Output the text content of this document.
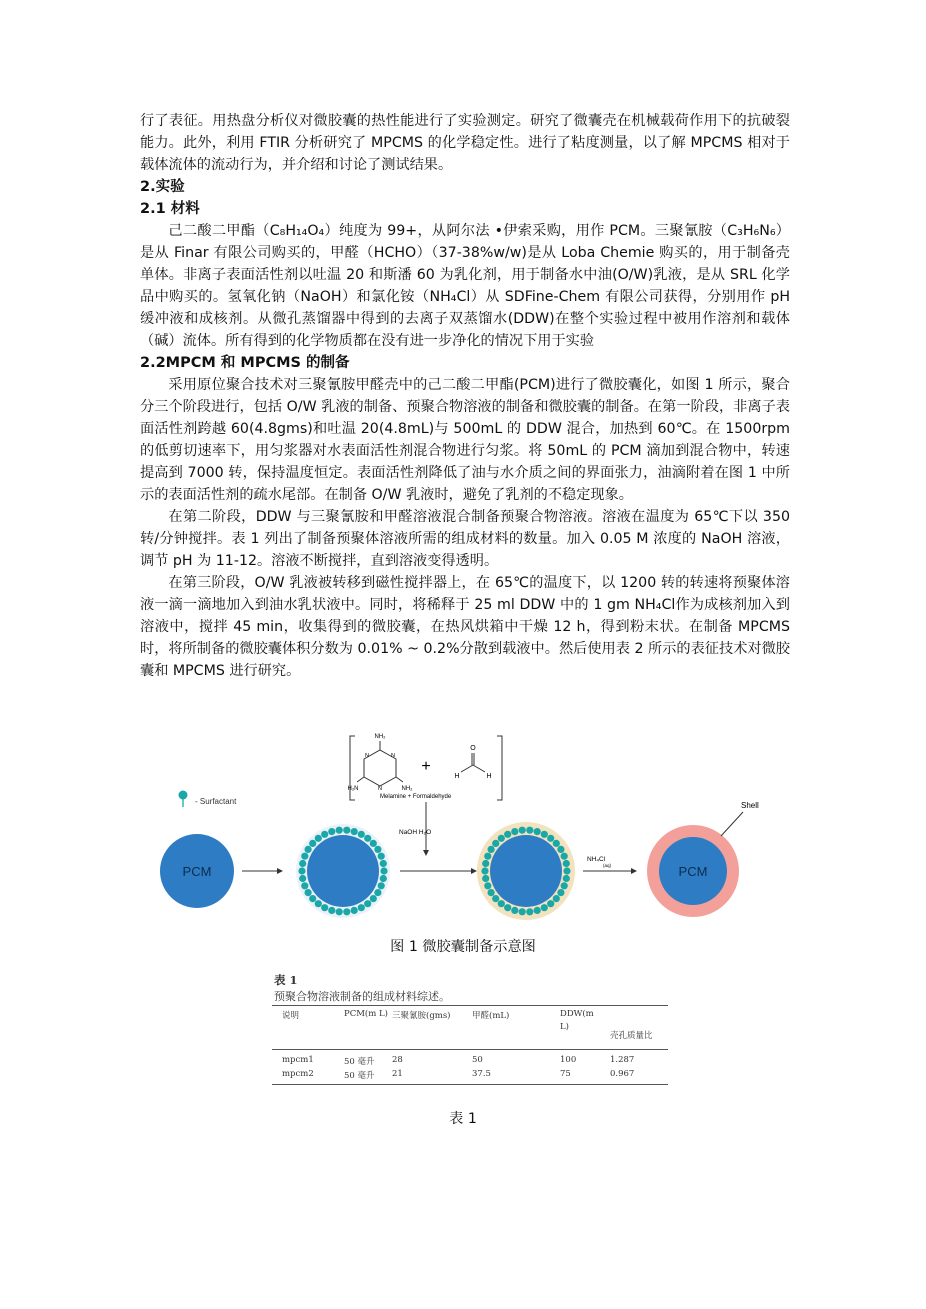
行了表征。用热盘分析仪对微胶囊的热性能进行了实验测定。研究了微囊壳在机械载荷作用下的抗破裂能力。此外，利用 FTIR 分析研究了 MPCMS 的化学稳定性。进行了粘度测量，以了解 MPCMS 相对于载体流体的流动行为，并介绍和讨论了测试结果。

2.实验
2.1 材料

己二酸二甲酯（C₈H₁₄O₄）纯度为 99+，从阿尔法 •伊索采购，用作 PCM。三聚氰胺（C₃H₆N₆）是从 Finar 有限公司购买的，甲醛（HCHO）（37-38%w/w)是从 Loba Chemie 购买的，用于制备壳单体。非离子表面活性剂以吐温 20 和斯潘 60 为乳化剂，用于制备水中油(O/W)乳液，是从 SRL 化学品中购买的。氢氧化钠（NaOH）和氯化铵（NH₄Cl）从 SDFine-Chem 有限公司获得，分别用作 pH 缓冲液和成核剂。从微孔蒸馏器中得到的去离子双蒸馏水(DDW)在整个实验过程中被用作溶剂和载体（碱）流体。所有得到的化学物质都在没有进一步净化的情况下用于实验

2.2MPCM 和 MPCMS 的制备

采用原位聚合技术对三聚氰胺甲醛壳中的己二酸二甲酯(PCM)进行了微胶囊化，如图 1 所示，聚合分三个阶段进行，包括 O/W 乳液的制备、预聚合物溶液的制备和微胶囊的制备。在第一阶段，非离子表面活性剂跨越 60(4.8gms)和吐温 20(4.8mL)与 500mL 的 DDW 混合，加热到 60℃。在 1500rpm 的低剪切速率下，用匀浆器对水表面活性剂混合物进行匀浆。将 50mL 的 PCM 滴加到混合物中，转速提高到 7000 转，保持温度恒定。表面活性剂降低了油与水介质之间的界面张力，油滴附着在图 1 中所示的表面活性剂的疏水尾部。在制备 O/W 乳液时，避免了乳剂的不稳定现象。

在第二阶段，DDW 与三聚氰胺和甲醛溶液混合制备预聚合物溶液。溶液在温度为 65℃下以 350 转/分钟搅拌。表 1 列出了制备预聚体溶液所需的组成材料的数量。加入 0.05 M 浓度的 NaOH 溶液，调节 pH 为 11-12。溶液不断搅拌，直到溶液变得透明。

在第三阶段，O/W 乳液被转移到磁性搅拌器上，在 65℃的温度下，以 1200 转的转速将预聚体溶液一滴一滴地加入到油水乳状液中。同时，将稀释于 25 ml DDW 中的 1 gm NH₄Cl作为成核剂加入到溶液中，搅拌 45 min，收集得到的微胶囊，在热风烘箱中干燥 12 h，得到粉末状。在制备 MPCMS 时，将所制备的微胶囊体积分数为 0.01% ~ 0.2%分散到载液中。然后使用表 2 所示的表征技术对微胶囊和 MPCMS 进行研究。

- Surfactant
PCM
NH₂
H₂N	NH₂
N
N
N
+
O
H	H
Melamine + Formaldehyde
NaOH H₂O
NH₄Cl
(aq)	PCM
Shell
图 1 微胶囊制备示意图
表 1
预聚合物溶液制备的组成材料综述。
说明	PCM(m L) 三聚氰胺(gms)	甲醛(mL)	DDW(m
L)
壳孔质量比
mpcm1	50 毫升 28	50	100	1.287
mpcm2	50 毫升 21	37.5	75	0.967
表 1
